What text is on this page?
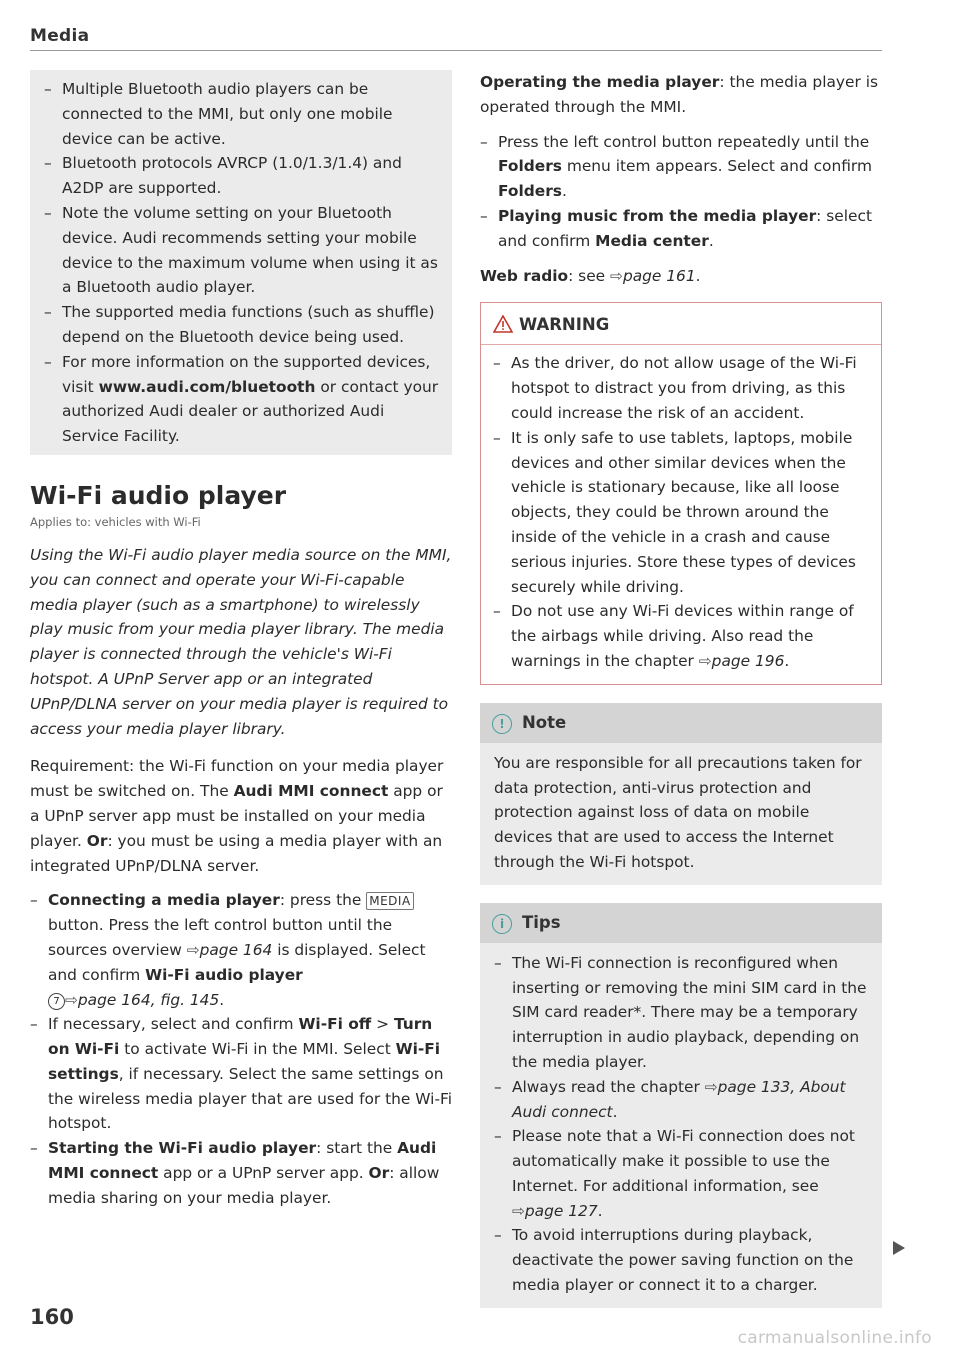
Media
– Multiple Bluetooth audio players can be connected to the MMI, but only one mobile device can be active.
– Bluetooth protocols AVRCP (1.0/1.3/1.4) and A2DP are supported.
– Note the volume setting on your Bluetooth device. Audi recommends setting your mobile device to the maximum volume when using it as a Bluetooth audio player.
– The supported media functions (such as shuffle) depend on the Bluetooth device being used.
– For more information on the supported devices, visit www.audi.com/bluetooth or contact your authorized Audi dealer or authorized Audi Service Facility.
Wi-Fi audio player
Applies to: vehicles with Wi-Fi

Using the Wi-Fi audio player media source on the MMI, you can connect and operate your Wi-Fi-capable media player (such as a smartphone) to wirelessly play music from your media player library. The media player is connected through the vehicle's Wi-Fi hotspot. A UPnP Server app or an integrated UPnP/DLNA server on your media player is required to access your media player library.

Requirement: the Wi-Fi function on your media player must be switched on. The Audi MMI connect app or a UPnP server app must be installed on your media player. Or: you must be using a media player with an integrated UPnP/DLNA server.

– Connecting a media player: press the MEDIA button. Press the left control button until the sources overview ⇨page 164 is displayed. Select and confirm Wi-Fi audio player
7 ⇨page 164, fig. 145.
– If necessary, select and confirm Wi-Fi off > Turn on Wi-Fi to activate Wi-Fi in the MMI. Select Wi-Fi settings, if necessary. Select the same settings on the wireless media player that are used for the Wi-Fi hotspot.
– Starting the Wi-Fi audio player: start the Audi MMI connect app or a UPnP server app. Or: allow media sharing on your media player.

Operating the media player: the media player is operated through the MMI.

– Press the left control button repeatedly until the Folders menu item appears. Select and confirm Folders.
– Playing music from the media player: select and confirm Media center.

Web radio: see ⇨page 161.

WARNING
– As the driver, do not allow usage of the Wi-Fi hotspot to distract you from driving, as this could increase the risk of an accident.
– It is only safe to use tablets, laptops, mobile devices and other similar devices when the vehicle is stationary because, like all loose objects, they could be thrown around the inside of the vehicle in a crash and cause serious injuries. Store these types of devices securely while driving.
– Do not use any Wi-Fi devices within range of the airbags while driving. Also read the warnings in the chapter ⇨page 196.
! Note
You are responsible for all precautions taken for data protection, anti-virus protection and protection against loss of data on mobile devices that are used to access the Internet through the Wi-Fi hotspot.
i Tips
– The Wi-Fi connection is reconfigured when inserting or removing the mini SIM card in the SIM card reader*. There may be a temporary interruption in audio playback, depending on the media player.
– Always read the chapter ⇨page 133, About Audi connect.
– Please note that a Wi-Fi connection does not automatically make it possible to use the Internet. For additional information, see ⇨page 127.
– To avoid interruptions during playback, deactivate the power saving function on the media player or connect it to a charger.
160
carmanualsonline.info
